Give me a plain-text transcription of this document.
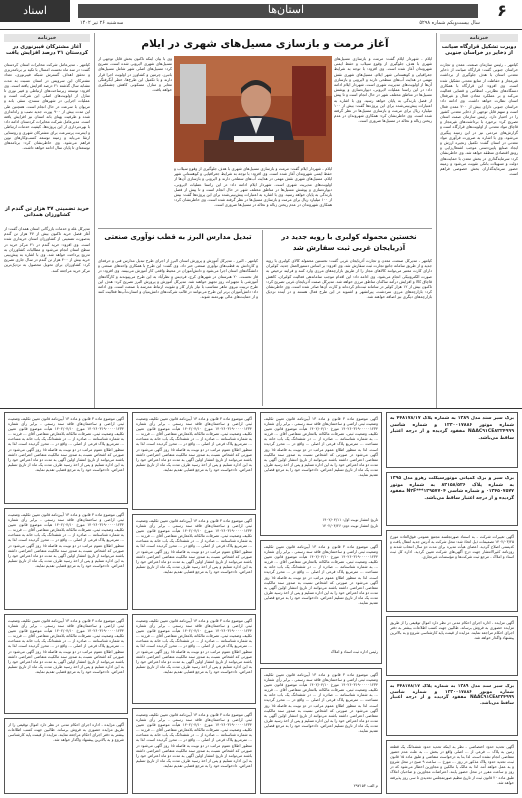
استان‌ها	۶
اسناد
سال بیست‌ویکم شماره ۵۲۹۸
سه‌شنبه ۲۶ تیر ۱۴۰۲
خبرنامه
دوبرت تشکیل قرارگاه صیانت از ذخایر در خراسان جنوبی
کیامهر - رئیس سازمان صنعت، معدن و تجارت خراسان جنوبی گفت: قرارگاه صیانت از ذخایر معدنی استان با هدف جلوگیری از برداشت غیرمجاز و حفاظت از منابع معدنی تشکیل شده است. وی افزود: این قرارگاه با همکاری دستگاه‌های نظارتی، انتظامی و قضایی فعالیت می‌کند و بر عملکرد معادن فعال و غیرفعال استان نظارت خواهد داشت. وی ادامه داد: خراسان جنوبی دارای بیش از ۳۰۰ معدن فعال است و سهم قابل توجهی از ذخایر معدنی کشور را در اختیار دارد. رئیس سازمان صمت استان تصریح کرد: برخورد با برداشت‌های غیرمجاز و قاچاق مواد معدنی از اولویت‌های قرارگاه است و گزارش‌های مردمی نیز در این زمینه پیگیری می‌شود. وی با اشاره به ضرورت فرآوری مواد معدنی در استان گفت: تکمیل زنجیره ارزش و ایجاد صنایع پایین‌دستی موجب اشتغال‌زایی و رونق اقتصادی منطقه خواهد شد. وی خاطرنشان کرد: سرمایه‌گذاری در بخش معدن با حمایت‌های دولت و تسهیلات بانکی تقویت می‌شود و زمینه حضور سرمایه‌گذاران بخش خصوصی فراهم است.
خبرنامه
آغاز مشترکان فیبرنوری در کردستان ۲۱ درصد افزایش یافت
کیامهر - مدیرعامل شرکت مخابرات استان کردستان گفت: در سه ماه نخست امسال با تکیه بر برنامه‌ریزی و تحقق اهداف گسترش شبکه فیبرنوری، تعداد مشترکان این سرویس در استان نسبت به مدت مشابه سال گذشته ۲۱ درصد افزایش یافته است. وی افزود: توسعه زیرساخت‌های ارتباطی و فیبر نوری تا منازل از اولویت‌های اصلی این شرکت است و عملیات اجرایی در شهرهای سنندج، سقز، بانه و مریوان با سرعت در حال انجام است. همچنین طی این مدت بیش از ۹۰۰ پورت جدید نصب و راه‌اندازی شده و ظرفیت پهنای باند استان نیز افزایش یافته است. مدیرعامل شرکت مخابرات کردستان ادامه داد: با بهره‌برداری از این پروژه‌ها، کیفیت خدمات ارتباطی و اینترنت پرسرعت برای مشترکان شهری و روستایی ارتقا می‌یابد و زمینه توسعه کسب‌وکارهای نوین فراهم می‌شود. وی خاطرنشان کرد: برنامه‌های توسعه‌ای تا پایان سال ادامه خواهد داشت.
خرید تضمینی ۳۷ هزار تن گندم از کشاورزان همدانی
مدیرکل غله و خدمات بازرگانی استان همدان گفت: از آغاز فصل خرید تاکنون بیش از ۳۷ هزار تن گندم به‌صورت تضمینی از کشاورزان استان خریداری شده است. وی افزود: خرید گندم در ۴۱ مرکز خرید در سطح استان انجام می‌شود و مطالبات کشاورزان به تدریج پرداخت خواهد شد. وی با اشاره به پیش‌بینی خرید بیش از ۴۰۰ هزار تن گندم در سال جاری تصریح کرد: کشاورزان برای تحویل محصول به نزدیک‌ترین مرکز خرید مراجعه کنند.
آغاز مرمت و بازسازی مسیل‌های شهری در ایلام
ایلام - شهردار ایلام گفت: مرمت و بازسازی مسیل‌های شهری با هدف جلوگیری از وقوع سیلاب و حفظ ایمنی شهروندان آغاز شده است. وی افزود: با توجه به شرایط جغرافیایی و کوهستانی شهر ایلام، مسیل‌های شهری نقش مهمی در هدایت آب‌های سطحی دارند و لایروبی و بازسازی آن‌ها از اولویت‌های مدیریت شهری است. شهردار ایلام ادامه داد: در این راستا عملیات لایروبی، دیواره‌سازی و پوشش مسیل‌ها در مناطق مختلف شهر در حال انجام است و تا پیش از فصل بارندگی به پایان خواهد رسید. وی با اشاره به اعتبارات پیش‌بینی‌شده برای این پروژه‌ها گفت: بیش از ۱۰۰ میلیارد ریال برای مرمت و بازسازی مسیل‌ها در نظر گرفته شده است. وی خاطرنشان کرد: همکاری شهروندان در عدم ریختن زباله و نخاله در مسیل‌ها ضروری است.
وی با بیان اینکه تاکنون بخش قابل توجهی از مسیل‌های شهری لایروبی شده است، تصریح کرد: مسیل‌های اصلی شهر شامل مسیل‌های بانبرز، چرمین و کشاورز در اولویت اجرا قرار دارند و با تکمیل این طرح‌ها، خطر آبگرفتگی معابر و منازل مسکونی کاهش چشمگیری خواهد یافت.
ایلام - شهردار ایلام گفت: مرمت و بازسازی مسیل‌های شهری با هدف جلوگیری از وقوع سیلاب و حفظ ایمنی شهروندان آغاز شده است. وی افزود: با توجه به شرایط جغرافیایی و کوهستانی شهر ایلام، مسیل‌های شهری نقش مهمی در هدایت آب‌های سطحی دارند و لایروبی و بازسازی آن‌ها از اولویت‌های مدیریت شهری است. شهردار ایلام ادامه داد: در این راستا عملیات لایروبی، دیواره‌سازی و پوشش مسیل‌ها در مناطق مختلف شهر در حال انجام است و تا پیش از فصل بارندگی به پایان خواهد رسید. وی با اشاره به اعتبارات پیش‌بینی‌شده برای این پروژه‌ها گفت: بیش از ۱۰۰ میلیارد ریال برای مرمت و بازسازی مسیل‌ها در نظر گرفته شده است. وی خاطرنشان کرد: همکاری شهروندان در عدم ریختن زباله و نخاله در مسیل‌ها ضروری است.
تبدیل مدارس البرز به قطب نوآوری صنعتی
کیامهر - البرز - مدیرکل آموزش و پرورش استان البرز از اجرای طرح تبدیل مدارس فنی و حرفه‌ای و کاردانش به قطب‌های نوآوری صنعتی خبر داد. وی گفت: این طرح با همکاری واحدهای صنعتی و دانشگاه‌های استان اجرا می‌شود و دانش‌آموزان در محیط واقعی کار آموزش می‌بینند. وی افزود: در فاز نخست، ۲۰ هنرستان در شهرهای کرج، فردیس و نظرآباد به این طرح می‌پیوندند و کارگاه‌های آموزشی با تجهیزات روز تجهیز خواهند شد. مدیرکل آموزش و پرورش البرز تصریح کرد: هدف این طرح تربیت نیروی ماهر متناسب با نیاز بازار کار و تقویت ارتباط مدرسه با صنعت است. وی ادامه داد: دانش‌آموزان برتر این طرح می‌توانند در قالب شرکت‌های دانش‌بنیان و استارت‌آپ‌ها فعالیت کنند و از حمایت‌های مالی بهره‌مند شوند.
نخستین محموله کولبری با رویه جدید در آذربایجان غربی ثبت سفارش شد
کیامهر - مدیرکل صنعت، معدن و تجارت آذربایجان غربی گفت: نخستین محموله کالای کولبری با رویه جدید و از طریق سامانه جامع تجارت ثبت سفارش شد. وی افزود: بر اساس دستورالعمل جدید، کولبران دارای کارت معتبر می‌توانند کالاهای مجاز را از طریق بازارچه‌های مرزی وارد کنند و فرایند ترخیص به صورت الکترونیکی انجام می‌شود. وی ادامه داد: این اقدام موجب ساماندهی فعالیت کولبران، کاهش قاچاق کالا و افزایش درآمد ساکنان مناطق مرزی خواهد شد. مدیرکل صمت آذربایجان غربی تصریح کرد: تاکنون بیش از ۱۲ هزار کولبر در سامانه ثبت‌نام کرده‌اند و کارت آن‌ها صادر شده است. وی خاطرنشان کرد: بازارچه‌های مرزی سردشت، پیرانشهر و اشنویه در این طرح فعال هستند و در آینده نزدیک بازارچه‌های دیگری نیز اضافه خواهند شد.
برگ سبز سند مدل ۱۳۸۹ به شماره پلاک ۴۴۸۱۷۸/۱۷ به شماره موتور ۱۲۳۰۰۱۷۸۸۶ و شماره شاسی NAAC۹۱CE۸۲۲۴۹۹۹ مفقود گردیده و از درجه اعتبار ساقط می‌باشد.
برگ سبز و برگ کمپانی موتورسیکلت رهرو مدل ۱۳۹۵ به شماره پلاک ۸۲۱۵۸/۵۲۶ به شماره موتور ۰۱۳۴۵۰۷۵۷۷ و شماره شاسی N۲F***۱۲۹۵۷۷۰۴ مفقود گردیده و از درجه اعتبار ساقط می‌باشد.
آگهی تغییرات شرکت - به استناد صورتجلسه مجمع عمومی فوق‌العاده مورخ ۱۴۰۲/۰۳/۲۵ تصمیمات ذیل اتخاذ شد: محل شرکت به آدرس جدید انتقال یافت و کدپستی اصلاح گردید. اعضای هیأت مدیره برای مدت دو سال انتخاب شدند و روزنامه کثیرالانتشار جهت درج آگهی‌های شرکت تعیین گردید. اداره کل ثبت اسناد و املاک - مرجع ثبت شرکت‌ها و مؤسسات غیرتجاری.
آگهی مزایده - اداره اجرای احکام مدنی در نظر دارد اموال توقیفی را از طریق مزایده حضوری به فروش برساند. طالبین جهت کسب اطلاعات بیشتر به دفتر اجرای احکام مراجعه نمایند. مزایده از قیمت پایه کارشناسی شروع و به بالاترین پیشنهاد واگذار خواهد شد.
برگ سبز سند مدل ۱۳۸۹ به شماره پلاک ۴۴۸۱۷۸/۱۷ به شماره موتور ۱۲۳۰۰۱۷۸۸۶ و شماره شاسی NAAC۹۱CE۸۲۲۴۹۹۹ مفقود گردیده و از درجه اعتبار ساقط می‌باشد.
آگهی تحدید حدود اختصاصی - نظر به اینکه تحدید حدود ششدانگ یک قطعه زمین به پلاک ... فرعی از ... اصلی واقع در بخش ... به علت عدم حضور متقاضی انجام نشده است، لذا بنا به درخواست متقاضی و طبق ماده ۱۵ قانون ثبت، تحدید حدود پلاک مذکور در روز ... مورخ ... ساعت ۹ صبح در محل شروع و به عمل خواهد آمد. لذا به مالک یا مالکین و مجاورین اخطار می‌شود که در روز و ساعت مقرر در محل حضور یابند. اعتراضات مجاورین و صاحبان املاک طبق ماده ۲۰ قانون ثبت از تاریخ تنظیم صورتمجلس تحدیدی تا سی روز پذیرفته خواهد شد.
آگهی موضوع ماده ۳ قانون و ماده ۱۳ آیین‌نامه قانون تعیین تکلیف وضعیت ثبتی اراضی و ساختمان‌های فاقد سند رسمی - برابر رأی شماره ۱۴۰۲۶۰۳۱۹۰۰۰۰۰۱۲۳۴ مورخ ۱۴۰۲/۰۴/۱۰ هیأت موضوع قانون تعیین تکلیف وضعیت ثبتی، تصرفات مالکانه بلامعارض متقاضی آقای ... فرزند ... به شماره شناسنامه ... صادره از ... در ششدانگ یک باب خانه به مساحت ... مترمربع پلاک فرعی از اصلی ... واقع در ... محرز گردیده است. لذا به منظور اطلاع عموم مراتب در دو نوبت به فاصله ۱۵ روز آگهی می‌شود در صورتی که اشخاص نسبت به صدور سند مالکیت متقاضی اعتراضی داشته باشند می‌توانند از تاریخ انتشار اولین آگهی به مدت دو ماه اعتراض خود را به این اداره تسلیم و پس از اخذ رسید ظرف مدت یک ماه از تاریخ تسلیم اعتراض، دادخواست خود را به مرجع قضایی تقدیم نمایند.
تاریخ انتشار نوبت اول: ۱۴۰۲/۰۴/۱۱
تاریخ انتشار نوبت دوم: ۱۴۰۲/۰۴/۲۶
آگهی موضوع ماده ۳ قانون و ماده ۱۳ آیین‌نامه قانون تعیین تکلیف وضعیت ثبتی اراضی و ساختمان‌های فاقد سند رسمی - برابر رأی شماره ۱۴۰۲۶۰۳۱۹۰۰۰۰۰۱۲۳۴ مورخ ۱۴۰۲/۰۴/۱۰ هیأت موضوع قانون تعیین تکلیف وضعیت ثبتی، تصرفات مالکانه بلامعارض متقاضی آقای ... فرزند ... به شماره شناسنامه ... صادره از ... در ششدانگ یک باب خانه به مساحت ... مترمربع پلاک فرعی از اصلی ... واقع در ... محرز گردیده است. لذا به منظور اطلاع عموم مراتب در دو نوبت به فاصله ۱۵ روز آگهی می‌شود در صورتی که اشخاص نسبت به صدور سند مالکیت متقاضی اعتراضی داشته باشند می‌توانند از تاریخ انتشار اولین آگهی به مدت دو ماه اعتراض خود را به این اداره تسلیم و پس از اخذ رسید ظرف مدت یک ماه از تاریخ تسلیم اعتراض، دادخواست خود را به مرجع قضایی تقدیم نمایند.
رئیس اداره ثبت اسناد و املاک
آگهی موضوع ماده ۳ قانون و ماده ۱۳ آیین‌نامه قانون تعیین تکلیف وضعیت ثبتی اراضی و ساختمان‌های فاقد سند رسمی - برابر رأی شماره ۱۴۰۲۶۰۳۱۹۰۰۰۰۰۱۲۳۴ مورخ ۱۴۰۲/۰۴/۱۰ هیأت موضوع قانون تعیین تکلیف وضعیت ثبتی، تصرفات مالکانه بلامعارض متقاضی آقای ... فرزند ... به شماره شناسنامه ... صادره از ... در ششدانگ یک باب خانه به مساحت ... مترمربع پلاک فرعی از اصلی ... واقع در ... محرز گردیده است. لذا به منظور اطلاع عموم مراتب در دو نوبت به فاصله ۱۵ روز آگهی می‌شود در صورتی که اشخاص نسبت به صدور سند مالکیت متقاضی اعتراضی داشته باشند می‌توانند از تاریخ انتشار اولین آگهی به مدت دو ماه اعتراض خود را به این اداره تسلیم و پس از اخذ رسید ظرف مدت یک ماه از تاریخ تسلیم اعتراض، دادخواست خود را به مرجع قضایی تقدیم نمایند.
م الف: ۲۹۷۱۵۳
آگهی موضوع ماده ۳ قانون و ماده ۱۳ آیین‌نامه قانون تعیین تکلیف وضعیت ثبتی اراضی و ساختمان‌های فاقد سند رسمی - برابر رأی شماره ۱۴۰۲۶۰۳۱۹۰۰۰۰۰۱۲۳۴ مورخ ۱۴۰۲/۰۴/۱۰ هیأت موضوع قانون تعیین تکلیف وضعیت ثبتی، تصرفات مالکانه بلامعارض متقاضی آقای ... فرزند ... به شماره شناسنامه ... صادره از ... در ششدانگ یک باب خانه به مساحت ... مترمربع پلاک فرعی از اصلی ... واقع در ... محرز گردیده است. لذا به منظور اطلاع عموم مراتب در دو نوبت به فاصله ۱۵ روز آگهی می‌شود در صورتی که اشخاص نسبت به صدور سند مالکیت متقاضی اعتراضی داشته باشند می‌توانند از تاریخ انتشار اولین آگهی به مدت دو ماه اعتراض خود را به این اداره تسلیم و پس از اخذ رسید ظرف مدت یک ماه از تاریخ تسلیم اعتراض، دادخواست خود را به مرجع قضایی تقدیم نمایند.
آگهی موضوع ماده ۳ قانون و ماده ۱۳ آیین‌نامه قانون تعیین تکلیف وضعیت ثبتی اراضی و ساختمان‌های فاقد سند رسمی - برابر رأی شماره ۱۴۰۲۶۰۳۱۹۰۰۰۰۰۱۲۳۴ مورخ ۱۴۰۲/۰۴/۱۰ هیأت موضوع قانون تعیین تکلیف وضعیت ثبتی، تصرفات مالکانه بلامعارض متقاضی آقای ... فرزند ... به شماره شناسنامه ... صادره از ... در ششدانگ یک باب خانه به مساحت ... مترمربع پلاک فرعی از اصلی ... واقع در ... محرز گردیده است. لذا به منظور اطلاع عموم مراتب در دو نوبت به فاصله ۱۵ روز آگهی می‌شود در صورتی که اشخاص نسبت به صدور سند مالکیت متقاضی اعتراضی داشته باشند می‌توانند از تاریخ انتشار اولین آگهی به مدت دو ماه اعتراض خود را به این اداره تسلیم و پس از اخذ رسید ظرف مدت یک ماه از تاریخ تسلیم اعتراض، دادخواست خود را به مرجع قضایی تقدیم نمایند.
آگهی موضوع ماده ۳ قانون و ماده ۱۳ آیین‌نامه قانون تعیین تکلیف وضعیت ثبتی اراضی و ساختمان‌های فاقد سند رسمی - برابر رأی شماره ۱۴۰۲۶۰۳۱۹۰۰۰۰۰۱۲۳۴ مورخ ۱۴۰۲/۰۴/۱۰ هیأت موضوع قانون تعیین تکلیف وضعیت ثبتی، تصرفات مالکانه بلامعارض متقاضی آقای ... فرزند ... به شماره شناسنامه ... صادره از ... در ششدانگ یک باب خانه به مساحت ... مترمربع پلاک فرعی از اصلی ... واقع در ... محرز گردیده است. لذا به منظور اطلاع عموم مراتب در دو نوبت به فاصله ۱۵ روز آگهی می‌شود در صورتی که اشخاص نسبت به صدور سند مالکیت متقاضی اعتراضی داشته باشند می‌توانند از تاریخ انتشار اولین آگهی به مدت دو ماه اعتراض خود را به این اداره تسلیم و پس از اخذ رسید ظرف مدت یک ماه از تاریخ تسلیم اعتراض، دادخواست خود را به مرجع قضایی تقدیم نمایند.
آگهی موضوع ماده ۳ قانون و ماده ۱۳ آیین‌نامه قانون تعیین تکلیف وضعیت ثبتی اراضی و ساختمان‌های فاقد سند رسمی - برابر رأی شماره ۱۴۰۲۶۰۳۱۹۰۰۰۰۰۱۲۳۴ مورخ ۱۴۰۲/۰۴/۱۰ هیأت موضوع قانون تعیین تکلیف وضعیت ثبتی، تصرفات مالکانه بلامعارض متقاضی آقای ... فرزند ... به شماره شناسنامه ... صادره از ... در ششدانگ یک باب خانه به مساحت ... مترمربع پلاک فرعی از اصلی ... واقع در ... محرز گردیده است. لذا به منظور اطلاع عموم مراتب در دو نوبت به فاصله ۱۵ روز آگهی می‌شود در صورتی که اشخاص نسبت به صدور سند مالکیت متقاضی اعتراضی داشته باشند می‌توانند از تاریخ انتشار اولین آگهی به مدت دو ماه اعتراض خود را به این اداره تسلیم و پس از اخذ رسید ظرف مدت یک ماه از تاریخ تسلیم اعتراض، دادخواست خود را به مرجع قضایی تقدیم نمایند.
آگهی موضوع ماده ۳ قانون و ماده ۱۳ آیین‌نامه قانون تعیین تکلیف وضعیت ثبتی اراضی و ساختمان‌های فاقد سند رسمی - برابر رأی شماره ۱۴۰۲۶۰۳۱۹۰۰۰۰۰۱۲۳۴ مورخ ۱۴۰۲/۰۴/۱۰ هیأت موضوع قانون تعیین تکلیف وضعیت ثبتی، تصرفات مالکانه بلامعارض متقاضی آقای ... فرزند ... به شماره شناسنامه ... صادره از ... در ششدانگ یک باب خانه به مساحت ... مترمربع پلاک فرعی از اصلی ... واقع در ... محرز گردیده است. لذا به منظور اطلاع عموم مراتب در دو نوبت به فاصله ۱۵ روز آگهی می‌شود در صورتی که اشخاص نسبت به صدور سند مالکیت متقاضی اعتراضی داشته باشند می‌توانند از تاریخ انتشار اولین آگهی به مدت دو ماه اعتراض خود را به این اداره تسلیم و پس از اخذ رسید ظرف مدت یک ماه از تاریخ تسلیم اعتراض، دادخواست خود را به مرجع قضایی تقدیم نمایند.
آگهی موضوع ماده ۳ قانون و ماده ۱۳ آیین‌نامه قانون تعیین تکلیف وضعیت ثبتی اراضی و ساختمان‌های فاقد سند رسمی - برابر رأی شماره ۱۴۰۲۶۰۳۱۹۰۰۰۰۰۱۲۳۴ مورخ ۱۴۰۲/۰۴/۱۰ هیأت موضوع قانون تعیین تکلیف وضعیت ثبتی، تصرفات مالکانه بلامعارض متقاضی آقای ... فرزند ... به شماره شناسنامه ... صادره از ... در ششدانگ یک باب خانه به مساحت ... مترمربع پلاک فرعی از اصلی ... واقع در ... محرز گردیده است. لذا به منظور اطلاع عموم مراتب در دو نوبت به فاصله ۱۵ روز آگهی می‌شود در صورتی که اشخاص نسبت به صدور سند مالکیت متقاضی اعتراضی داشته باشند می‌توانند از تاریخ انتشار اولین آگهی به مدت دو ماه اعتراض خود را به این اداره تسلیم و پس از اخذ رسید ظرف مدت یک ماه از تاریخ تسلیم اعتراض، دادخواست خود را به مرجع قضایی تقدیم نمایند.
آگهی موضوع ماده ۳ قانون و ماده ۱۳ آیین‌نامه قانون تعیین تکلیف وضعیت ثبتی اراضی و ساختمان‌های فاقد سند رسمی - برابر رأی شماره ۱۴۰۲۶۰۳۱۹۰۰۰۰۰۱۲۳۴ مورخ ۱۴۰۲/۰۴/۱۰ هیأت موضوع قانون تعیین تکلیف وضعیت ثبتی، تصرفات مالکانه بلامعارض متقاضی آقای ... فرزند ... به شماره شناسنامه ... صادره از ... در ششدانگ یک باب خانه به مساحت ... مترمربع پلاک فرعی از اصلی ... واقع در ... محرز گردیده است. لذا به منظور اطلاع عموم مراتب در دو نوبت به فاصله ۱۵ روز آگهی می‌شود در صورتی که اشخاص نسبت به صدور سند مالکیت متقاضی اعتراضی داشته باشند می‌توانند از تاریخ انتشار اولین آگهی به مدت دو ماه اعتراض خود را به این اداره تسلیم و پس از اخذ رسید ظرف مدت یک ماه از تاریخ تسلیم اعتراض، دادخواست خود را به مرجع قضایی تقدیم نمایند.
آگهی مزایده - اداره اجرای احکام مدنی در نظر دارد اموال توقیفی را از طریق مزایده حضوری به فروش برساند. طالبین جهت کسب اطلاعات بیشتر به دفتر اجرای احکام مراجعه نمایند. مزایده از قیمت پایه کارشناسی شروع و به بالاترین پیشنهاد واگذار خواهد شد.
